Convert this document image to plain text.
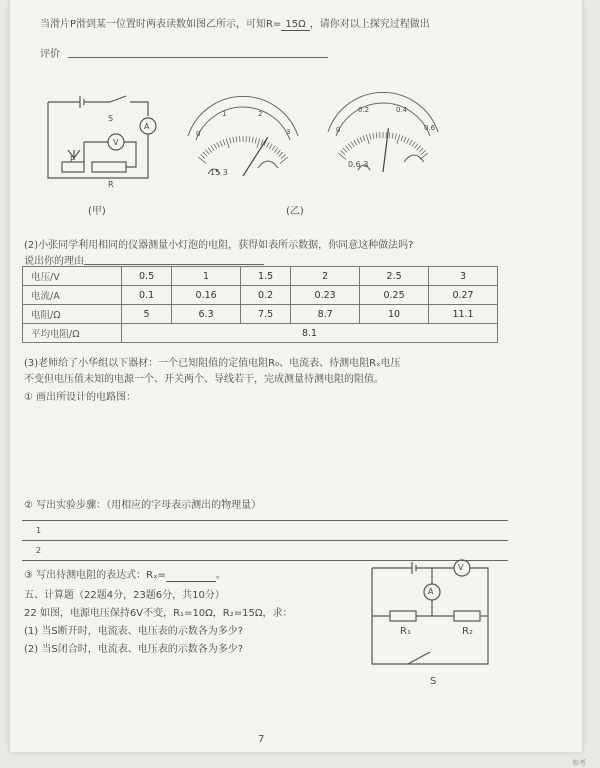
当滑片P滑到某一位置时两表读数如图乙所示，可知R= 15Ω ，请你对以上探究过程做出
评价
S
A
V
P
R
(甲)
15 3
0
1	2
3
0.6 3
0
0.2	0.4
0.6
(乙)
(2)小张同学利用相同的仪器测量小灯泡的电阻，获得如表所示数据，你同意这种做法吗?
说出你的理由
电压/V	0.5	1	1.5	2	2.5	3
电流/A	0.1	0.16	0.2	0.23	0.25	0.27
电阻/Ω	5	6.3	7.5	8.7	10	11.1
平均电阻/Ω	8.1					
(3)老师给了小华组以下器材：一个已知阻值的定值电阻R₀、电流表、待测电阻Rₓ电压
不变但电压值未知的电源一个、开关两个、导线若干，完成测量待测电阻的阻值。
① 画出所设计的电路图：
② 写出实验步骤：（用相应的字母表示测出的物理量）
1
2
③ 写出待测电阻的表达式：Rₓ=	。
五、计算题（22题4分，23题6分，共10分）
22 如图，电源电压保持6V不变，R₁=10Ω，R₂=15Ω，求：
(1) 当S断开时，电流表、电压表的示数各为多少?
(2) 当S闭合时，电流表、电压表的示数各为多少?
V
A
R₁	R₂
S
7
参考
